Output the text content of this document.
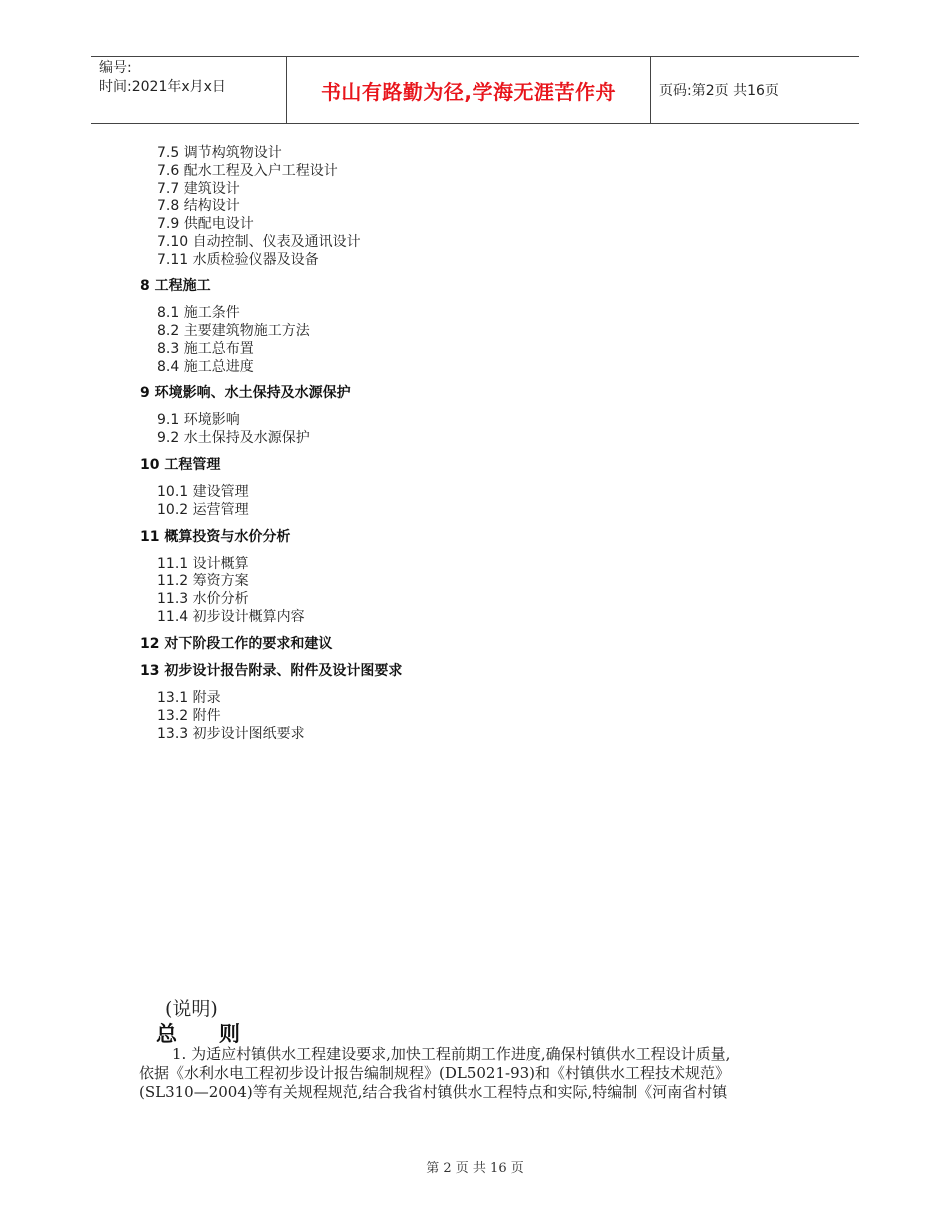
编号:
时间:2021年x月x日	书山有路勤为径,学海无涯苦作舟	页码:第2页 共16页
7.5 调节构筑物设计
7.6 配水工程及入户工程设计
7.7 建筑设计
7.8 结构设计
7.9 供配电设计
7.10 自动控制、仪表及通讯设计
7.11 水质检验仪器及设备
8 工程施工
8.1 施工条件
8.2 主要建筑物施工方法
8.3 施工总布置
8.4 施工总进度
9 环境影响、水土保持及水源保护
9.1 环境影响
9.2 水土保持及水源保护
10 工程管理
10.1 建设管理
10.2 运营管理
11 概算投资与水价分析
11.1 设计概算
11.2 筹资方案
11.3 水价分析
11.4 初步设计概算内容
12 对下阶段工作的要求和建议
13 初步设计报告附录、附件及设计图要求
13.1 附录
13.2 附件
13.3 初步设计图纸要求
(说明)
总则
1. 为适应村镇供水工程建设要求,加快工程前期工作进度,确保村镇供水工程设计质量,
依据《水利水电工程初步设计报告编制规程》(DL5021-93)和《村镇供水工程技术规范》
(SL310—2004)等有关规程规范,结合我省村镇供水工程特点和实际,特编制《河南省村镇
第 2 页 共 16 页
